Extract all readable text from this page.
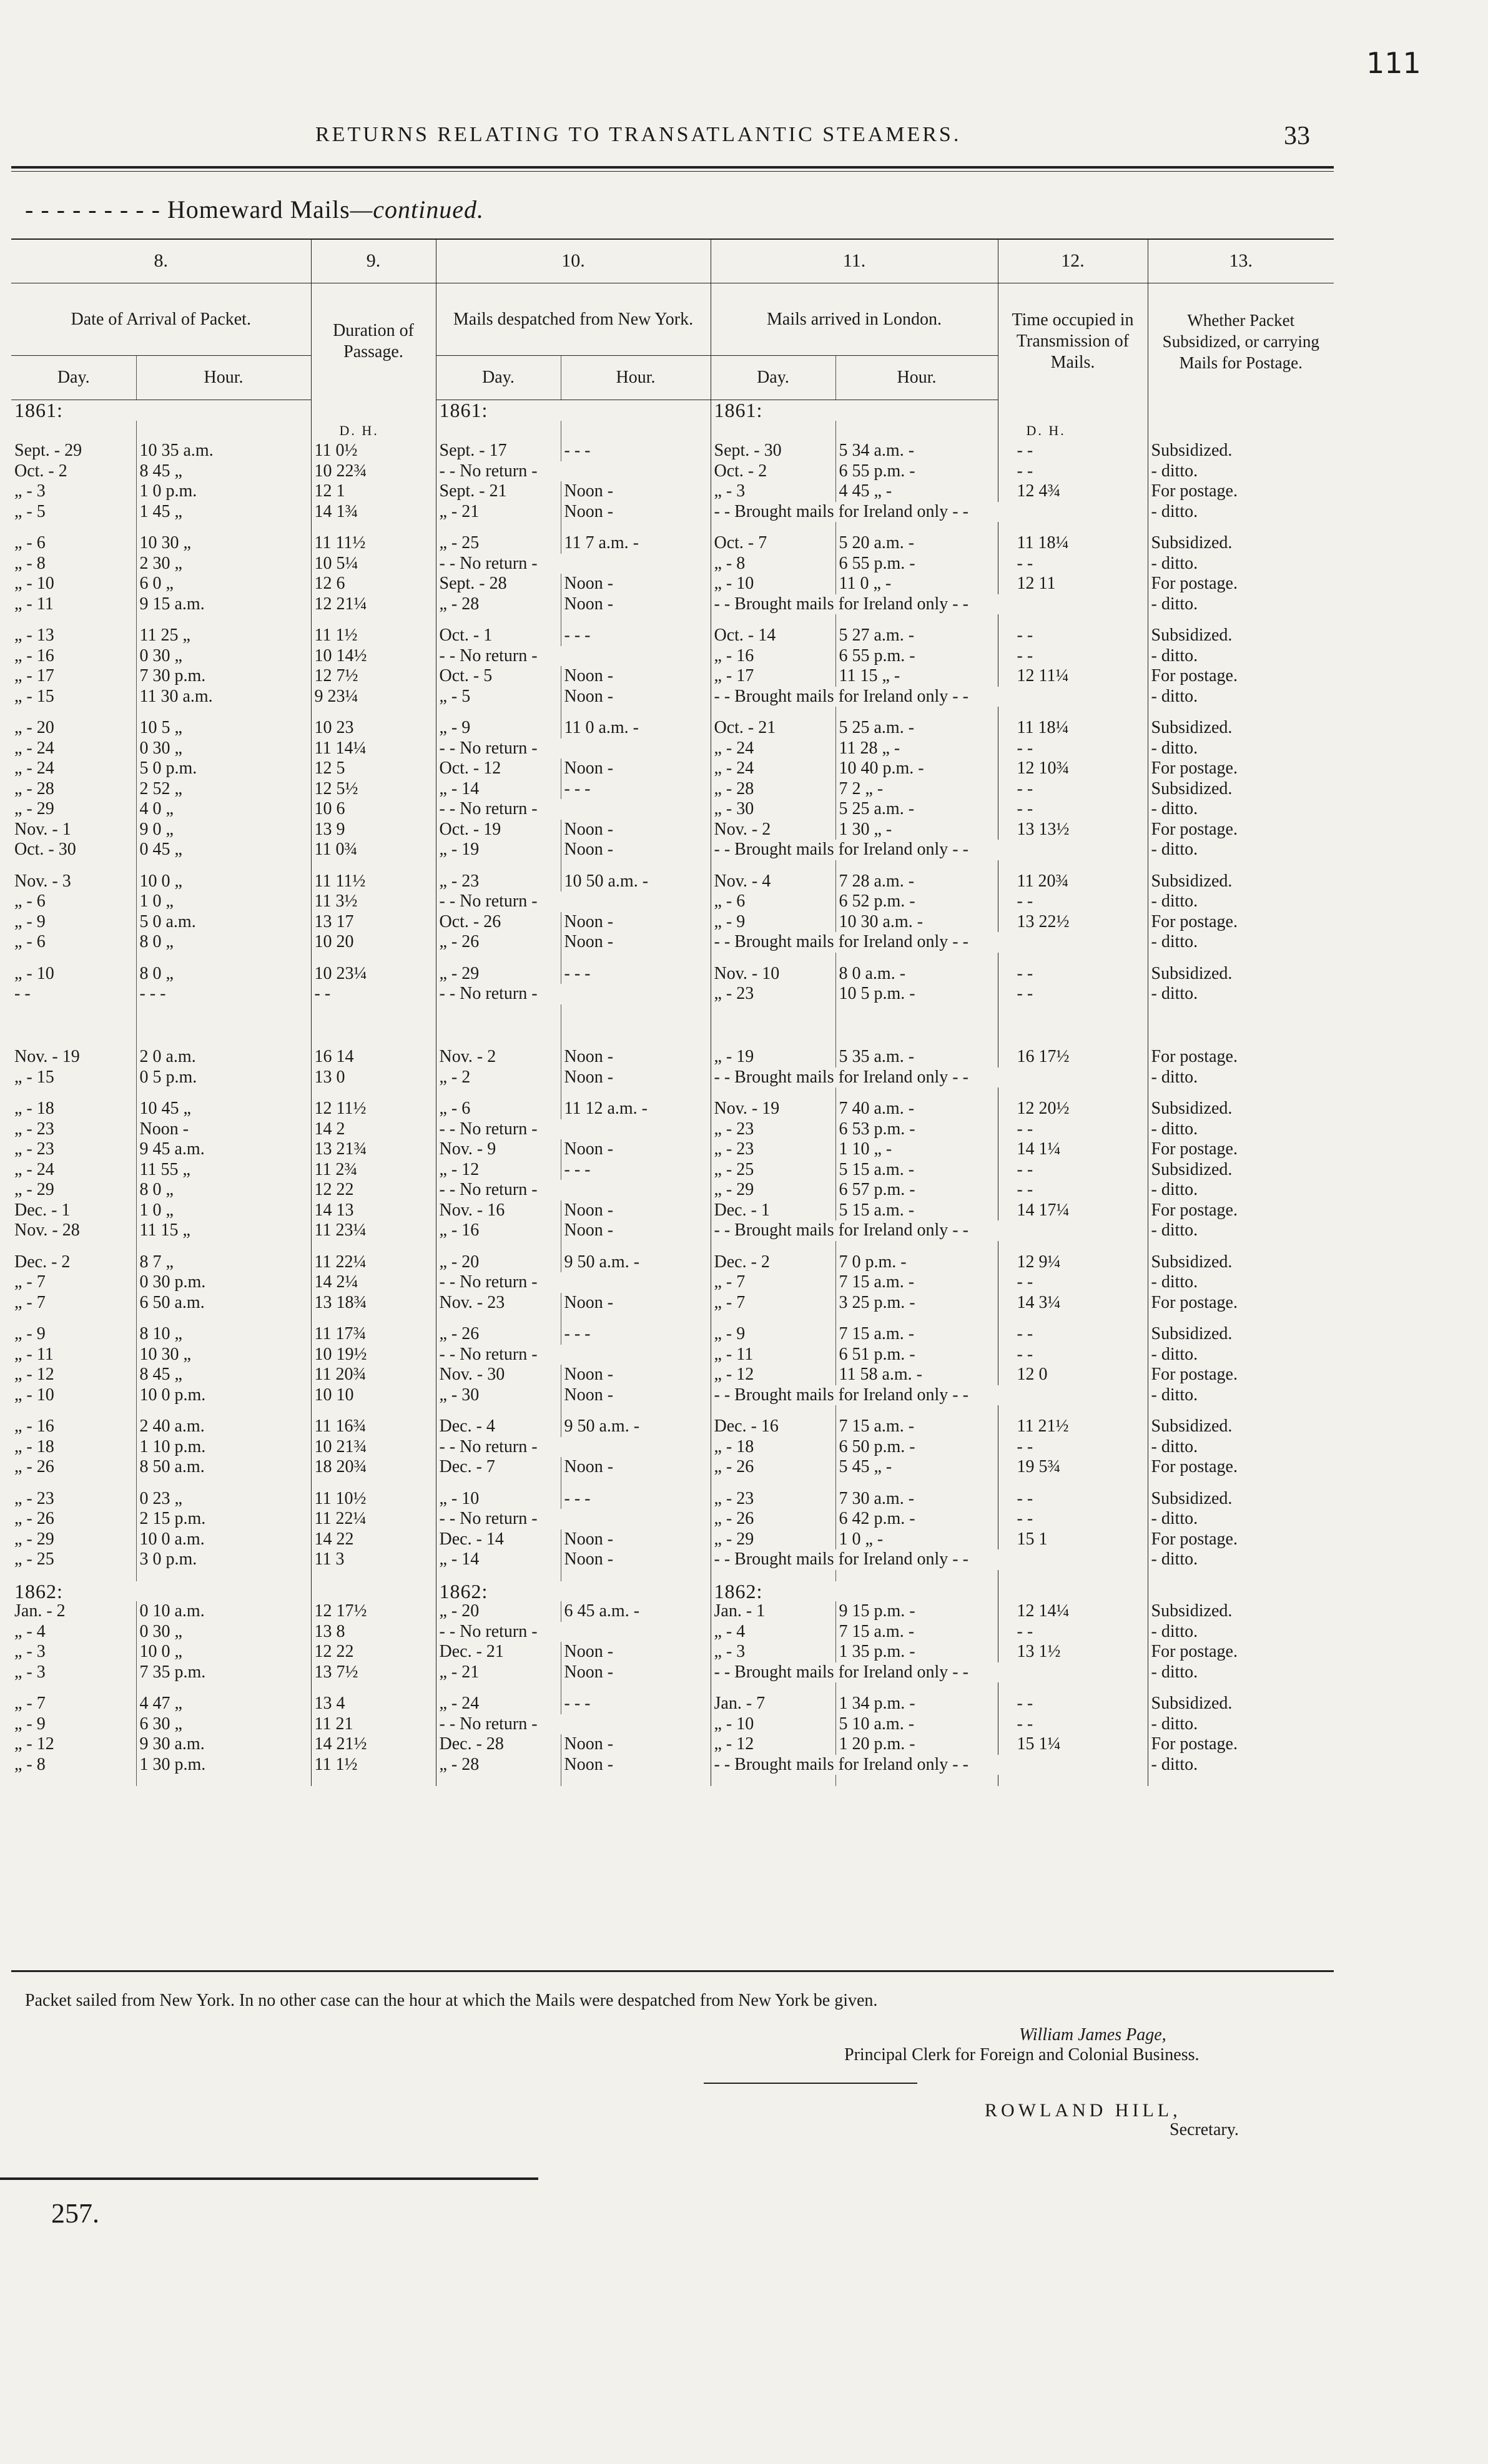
111
RETURNS RELATING TO TRANSATLANTIC STEAMERS.	33
- - - - - - - - - Homeward Mails—continued.
8.		9.	10.		11.		12.	13.
Date of Arrival of Packet.		Duration of Passage.	Mails despatched from New York.		Mails arrived in London.		Time occupied in Transmission of Mails.	Whether Packet Subsidized, or carrying Mails for Postage.
Day.	Hour.		Day.	Hour.	Day.	Hour.		
1861:			1861:		1861:			
		D. H.					D. H.	
Sept. - 29	10 35 a.m.	11 0½	Sept. - 17	- - -	Sept. - 30	5 34 a.m. -	- -	Subsidized.
Oct. - 2	8 45 „	10 22¾	- - No return -		Oct. - 2	6 55 p.m. -	- -	- ditto.
„ - 3	1 0 p.m.	12 1	Sept. - 21	Noon -	„ - 3	4 45 „ -	12 4¾	For postage.
„ - 5	1 45 „	14 1¾	„ - 21	Noon -	- - Brought mails for Ireland only - -			- ditto.

„ - 6	10 30 „	11 11½	„ - 25	11 7 a.m. -	Oct. - 7	5 20 a.m. -	11 18¼	Subsidized.
„ - 8	2 30 „	10 5¼	- - No return -		„ - 8	6 55 p.m. -	- -	- ditto.
„ - 10	6 0 „	12 6	Sept. - 28	Noon -	„ - 10	11 0 „ -	12 11	For postage.
„ - 11	9 15 a.m.	12 21¼	„ - 28	Noon -	- - Brought mails for Ireland only - -			- ditto.

„ - 13	11 25 „	11 1½	Oct. - 1	- - -	Oct. - 14	5 27 a.m. -	- -	Subsidized.
„ - 16	0 30 „	10 14½	- - No return -		„ - 16	6 55 p.m. -	- -	- ditto.
„ - 17	7 30 p.m.	12 7½	Oct. - 5	Noon -	„ - 17	11 15 „ -	12 11¼	For postage.
„ - 15	11 30 a.m.	9 23¼	„ - 5	Noon -	- - Brought mails for Ireland only - -			- ditto.

„ - 20	10 5 „	10 23	„ - 9	11 0 a.m. -	Oct. - 21	5 25 a.m. -	11 18¼	Subsidized.
„ - 24	0 30 „	11 14¼	- - No return -		„ - 24	11 28 „ -	- -	- ditto.
„ - 24	5 0 p.m.	12 5	Oct. - 12	Noon -	„ - 24	10 40 p.m. -	12 10¾	For postage.
„ - 28	2 52 „	12 5½	„ - 14	- - -	„ - 28	7 2 „ -	- -	Subsidized.
„ - 29	4 0 „	10 6	- - No return -		„ - 30	5 25 a.m. -	- -	- ditto.
Nov. - 1	9 0 „	13 9	Oct. - 19	Noon -	Nov. - 2	1 30 „ -	13 13½	For postage.
Oct. - 30	0 45 „	11 0¾	„ - 19	Noon -	- - Brought mails for Ireland only - -			- ditto.

Nov. - 3	10 0 „	11 11½	„ - 23	10 50 a.m. -	Nov. - 4	7 28 a.m. -	11 20¾	Subsidized.
„ - 6	1 0 „	11 3½	- - No return -		„ - 6	6 52 p.m. -	- -	- ditto.
„ - 9	5 0 a.m.	13 17	Oct. - 26	Noon -	„ - 9	10 30 a.m. -	13 22½	For postage.
„ - 6	8 0 „	10 20	„ - 26	Noon -	- - Brought mails for Ireland only - -			- ditto.

„ - 10	8 0 „	10 23¼	„ - 29	- - -	Nov. - 10	8 0 a.m. -	- -	Subsidized.
- -	- - -	- -	- - No return -		„ - 23	10 5 p.m. -	- -	- ditto.

Nov. - 19	2 0 a.m.	16 14	Nov. - 2	Noon -	„ - 19	5 35 a.m. -	16 17½	For postage.
„ - 15	0 5 p.m.	13 0	„ - 2	Noon -	- - Brought mails for Ireland only - -			- ditto.

„ - 18	10 45 „	12 11½	„ - 6	11 12 a.m. -	Nov. - 19	7 40 a.m. -	12 20½	Subsidized.
„ - 23	Noon -	14 2	- - No return -		„ - 23	6 53 p.m. -	- -	- ditto.
„ - 23	9 45 a.m.	13 21¾	Nov. - 9	Noon -	„ - 23	1 10 „ -	14 1¼	For postage.
„ - 24	11 55 „	11 2¾	„ - 12	- - -	„ - 25	5 15 a.m. -	- -	Subsidized.
„ - 29	8 0 „	12 22	- - No return -		„ - 29	6 57 p.m. -	- -	- ditto.
Dec. - 1	1 0 „	14 13	Nov. - 16	Noon -	Dec. - 1	5 15 a.m. -	14 17¼	For postage.
Nov. - 28	11 15 „	11 23¼	„ - 16	Noon -	- - Brought mails for Ireland only - -			- ditto.

Dec. - 2	8 7 „	11 22¼	„ - 20	9 50 a.m. -	Dec. - 2	7 0 p.m. -	12 9¼	Subsidized.
„ - 7	0 30 p.m.	14 2¼	- - No return -		„ - 7	7 15 a.m. -	- -	- ditto.
„ - 7	6 50 a.m.	13 18¾	Nov. - 23	Noon -	„ - 7	3 25 p.m. -	14 3¼	For postage.

„ - 9	8 10 „	11 17¾	„ - 26	- - -	„ - 9	7 15 a.m. -	- -	Subsidized.
„ - 11	10 30 „	10 19½	- - No return -		„ - 11	6 51 p.m. -	- -	- ditto.
„ - 12	8 45 „	11 20¾	Nov. - 30	Noon -	„ - 12	11 58 a.m. -	12 0	For postage.
„ - 10	10 0 p.m.	10 10	„ - 30	Noon -	- - Brought mails for Ireland only - -			- ditto.

„ - 16	2 40 a.m.	11 16¾	Dec. - 4	9 50 a.m. -	Dec. - 16	7 15 a.m. -	11 21½	Subsidized.
„ - 18	1 10 p.m.	10 21¾	- - No return -		„ - 18	6 50 p.m. -	- -	- ditto.
„ - 26	8 50 a.m.	18 20¾	Dec. - 7	Noon -	„ - 26	5 45 „ -	19 5¾	For postage.

„ - 23	0 23 „	11 10½	„ - 10	- - -	„ - 23	7 30 a.m. -	- -	Subsidized.
„ - 26	2 15 p.m.	11 22¼	- - No return -		„ - 26	6 42 p.m. -	- -	- ditto.
„ - 29	10 0 a.m.	14 22	Dec. - 14	Noon -	„ - 29	1 0 „ -	15 1	For postage.
„ - 25	3 0 p.m.	11 3	„ - 14	Noon -	- - Brought mails for Ireland only - -			- ditto.

1862:			1862:		1862:			
Jan. - 2	0 10 a.m.	12 17½	„ - 20	6 45 a.m. -	Jan. - 1	9 15 p.m. -	12 14¼	Subsidized.
„ - 4	0 30 „	13 8	- - No return -		„ - 4	7 15 a.m. -	- -	- ditto.
„ - 3	10 0 „	12 22	Dec. - 21	Noon -	„ - 3	1 35 p.m. -	13 1½	For postage.
„ - 3	7 35 p.m.	13 7½	„ - 21	Noon -	- - Brought mails for Ireland only - -			- ditto.

„ - 7	4 47 „	13 4	„ - 24	- - -	Jan. - 7	1 34 p.m. -	- -	Subsidized.
„ - 9	6 30 „	11 21	- - No return -		„ - 10	5 10 a.m. -	- -	- ditto.
„ - 12	9 30 a.m.	14 21½	Dec. - 28	Noon -	„ - 12	1 20 p.m. -	15 1¼	For postage.
„ - 8	1 30 p.m.	11 1½	„ - 28	Noon -	- - Brought mails for Ireland only - -			- ditto.

Packet sailed from New York. In no other case can the hour at which the Mails were despatched from New York be given.
William James Page,
Principal Clerk for Foreign and Colonial Business.
ROWLAND HILL,
Secretary.
257.
